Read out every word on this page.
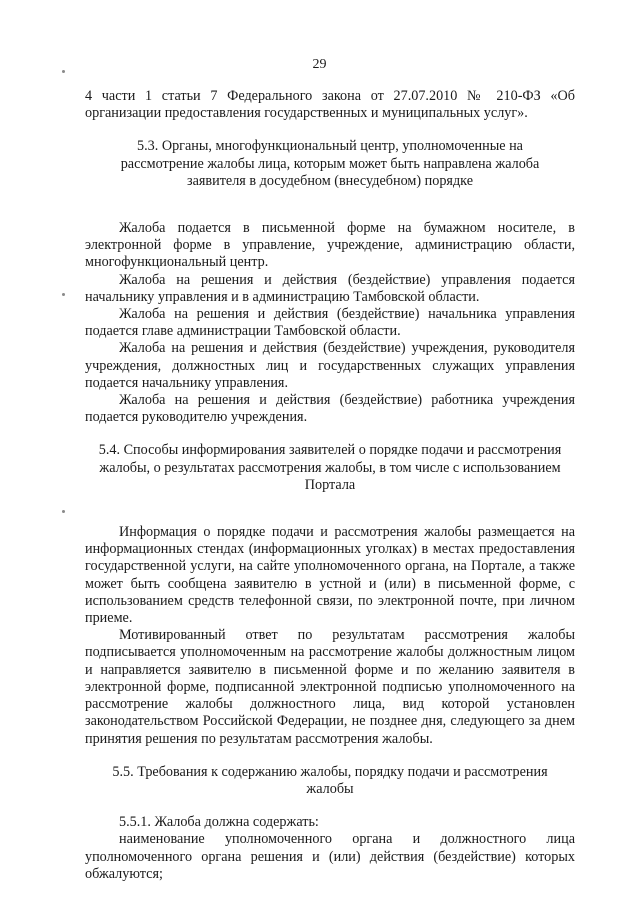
29

4 части 1 статьи 7 Федерального закона от 27.07.2010 № 210-ФЗ «Об организации предоставления государственных и муниципальных услуг».

5.3. Органы, многофункциональный центр, уполномоченные на рассмотрение жалобы лица, которым может быть направлена жалоба заявителя в досудебном (внесудебном) порядке

Жалоба подается в письменной форме на бумажном носителе, в электронной форме в управление, учреждение, администрацию области, многофункциональный центр.

Жалоба на решения и действия (бездействие) управления подается начальнику управления и в администрацию Тамбовской области.

Жалоба на решения и действия (бездействие) начальника управления подается главе администрации Тамбовской области.

Жалоба на решения и действия (бездействие) учреждения, руководителя учреждения, должностных лиц и государственных служащих управления подается начальнику управления.

Жалоба на решения и действия (бездействие) работника учреждения подается руководителю учреждения.

5.4. Способы информирования заявителей о порядке подачи и рассмотрения жалобы, о результатах рассмотрения жалобы, в том числе с использованием Портала

Информация о порядке подачи и рассмотрения жалобы размещается на информационных стендах (информационных уголках) в местах предоставления государственной услуги, на сайте уполномоченного органа, на Портале, а также может быть сообщена заявителю в устной и (или) в письменной форме, с использованием средств телефонной связи, по электронной почте, при личном приеме.

Мотивированный ответ по результатам рассмотрения жалобы подписывается уполномоченным на рассмотрение жалобы должностным лицом и направляется заявителю в письменной форме и по желанию заявителя в электронной форме, подписанной электронной подписью уполномоченного на рассмотрение жалобы должностного лица, вид которой установлен законодательством Российской Федерации, не позднее дня, следующего за днем принятия решения по результатам рассмотрения жалобы.

5.5. Требования к содержанию жалобы, порядку подачи и рассмотрения жалобы

5.5.1. Жалоба должна содержать:

наименование уполномоченного органа и должностного лица уполномоченного органа решения и (или) действия (бездействие) которых обжалуются;
